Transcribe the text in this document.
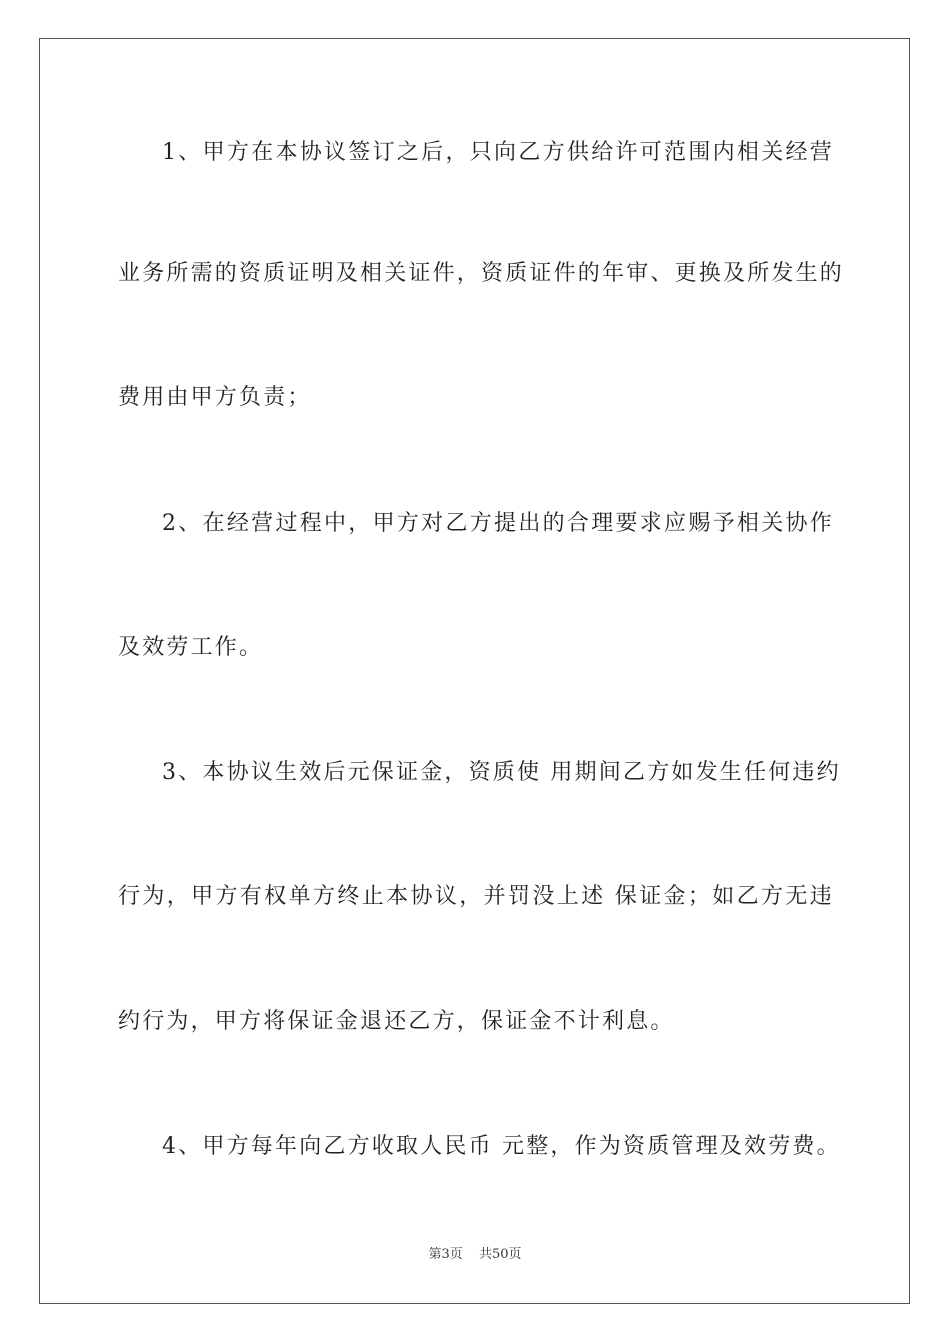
1、甲方在本协议签订之后，只向乙方供给许可范围内相关经营
业务所需的资质证明及相关证件，资质证件的年审、更换及所发生的
费用由甲方负责；
2、在经营过程中，甲方对乙方提出的合理要求应赐予相关协作
及效劳工作。
3、本协议生效后元保证金，资质使 用期间乙方如发生任何违约
行为，甲方有权单方终止本协议，并罚没上述 保证金；如乙方无违
约行为，甲方将保证金退还乙方，保证金不计利息。
4、甲方每年向乙方收取人民币 元整，作为资质管理及效劳费。
第3页 共50页
